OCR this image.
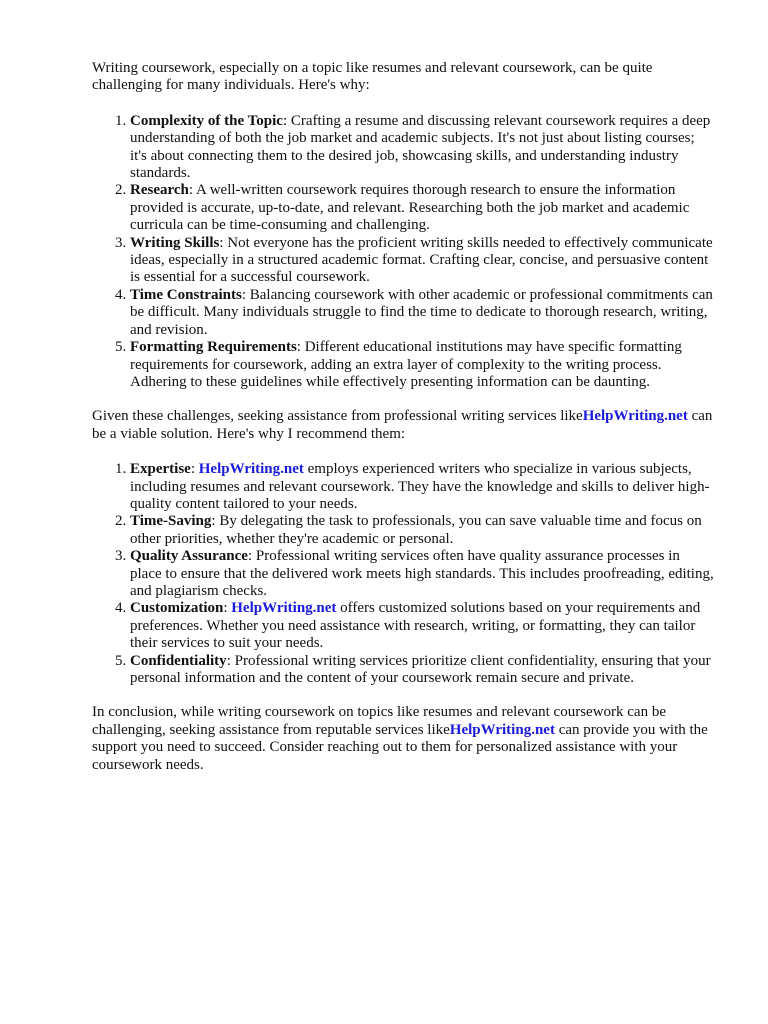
Writing coursework, especially on a topic like resumes and relevant coursework, can be quite challenging for many individuals. Here's why:

1. Complexity of the Topic: Crafting a resume and discussing relevant coursework requires a deep understanding of both the job market and academic subjects. It's not just about listing courses; it's about connecting them to the desired job, showcasing skills, and understanding industry standards.
2. Research: A well-written coursework requires thorough research to ensure the information provided is accurate, up-to-date, and relevant. Researching both the job market and academic curricula can be time-consuming and challenging.
3. Writing Skills: Not everyone has the proficient writing skills needed to effectively communicate ideas, especially in a structured academic format. Crafting clear, concise, and persuasive content is essential for a successful coursework.
4. Time Constraints: Balancing coursework with other academic or professional commitments can be difficult. Many individuals struggle to find the time to dedicate to thorough research, writing, and revision.
5. Formatting Requirements: Different educational institutions may have specific formatting requirements for coursework, adding an extra layer of complexity to the writing process. Adhering to these guidelines while effectively presenting information can be daunting.

Given these challenges, seeking assistance from professional writing services likeHelpWriting.net can be a viable solution. Here's why I recommend them:

1. Expertise: HelpWriting.net employs experienced writers who specialize in various subjects, including resumes and relevant coursework. They have the knowledge and skills to deliver high-quality content tailored to your needs.
2. Time-Saving: By delegating the task to professionals, you can save valuable time and focus on other priorities, whether they're academic or personal.
3. Quality Assurance: Professional writing services often have quality assurance processes in place to ensure that the delivered work meets high standards. This includes proofreading, editing, and plagiarism checks.
4. Customization: HelpWriting.net offers customized solutions based on your requirements and preferences. Whether you need assistance with research, writing, or formatting, they can tailor their services to suit your needs.
5. Confidentiality: Professional writing services prioritize client confidentiality, ensuring that your personal information and the content of your coursework remain secure and private.

In conclusion, while writing coursework on topics like resumes and relevant coursework can be challenging, seeking assistance from reputable services likeHelpWriting.net can provide you with the support you need to succeed. Consider reaching out to them for personalized assistance with your coursework needs.
